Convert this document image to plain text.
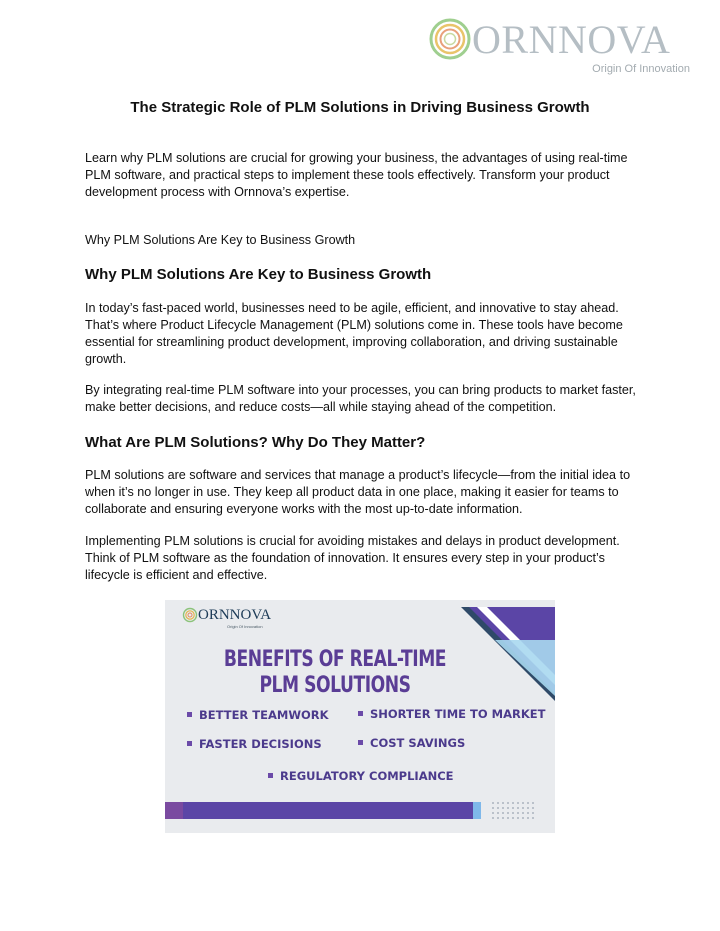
ORNNOVA
Origin Of Innovation
The Strategic Role of PLM Solutions in Driving Business Growth

Learn why PLM solutions are crucial for growing your business, the advantages of using real-time PLM software, and practical steps to implement these tools effectively. Transform your product development process with Ornnova’s expertise.

Why PLM Solutions Are Key to Business Growth

Why PLM Solutions Are Key to Business Growth

In today’s fast-paced world, businesses need to be agile, efficient, and innovative to stay ahead. That’s where Product Lifecycle Management (PLM) solutions come in. These tools have become essential for streamlining product development, improving collaboration, and driving sustainable growth.

By integrating real-time PLM software into your processes, you can bring products to market faster, make better decisions, and reduce costs—all while staying ahead of the competition.

What Are PLM Solutions? Why Do They Matter?

PLM solutions are software and services that manage a product’s lifecycle—from the initial idea to when it’s no longer in use. They keep all product data in one place, making it easier for teams to collaborate and ensuring everyone works with the most up-to-date information.

Implementing PLM solutions is crucial for avoiding mistakes and delays in product development. Think of PLM software as the foundation of innovation. It ensures every step in your product’s lifecycle is efficient and effective.

ORNNOVA
Origin Of Innovation
BENEFITS OF REAL-TIME
PLM SOLUTIONS
BETTER TEAMWORK	SHORTER TIME TO MARKET
FASTER DECISIONS	COST SAVINGS
REGULATORY COMPLIANCE
